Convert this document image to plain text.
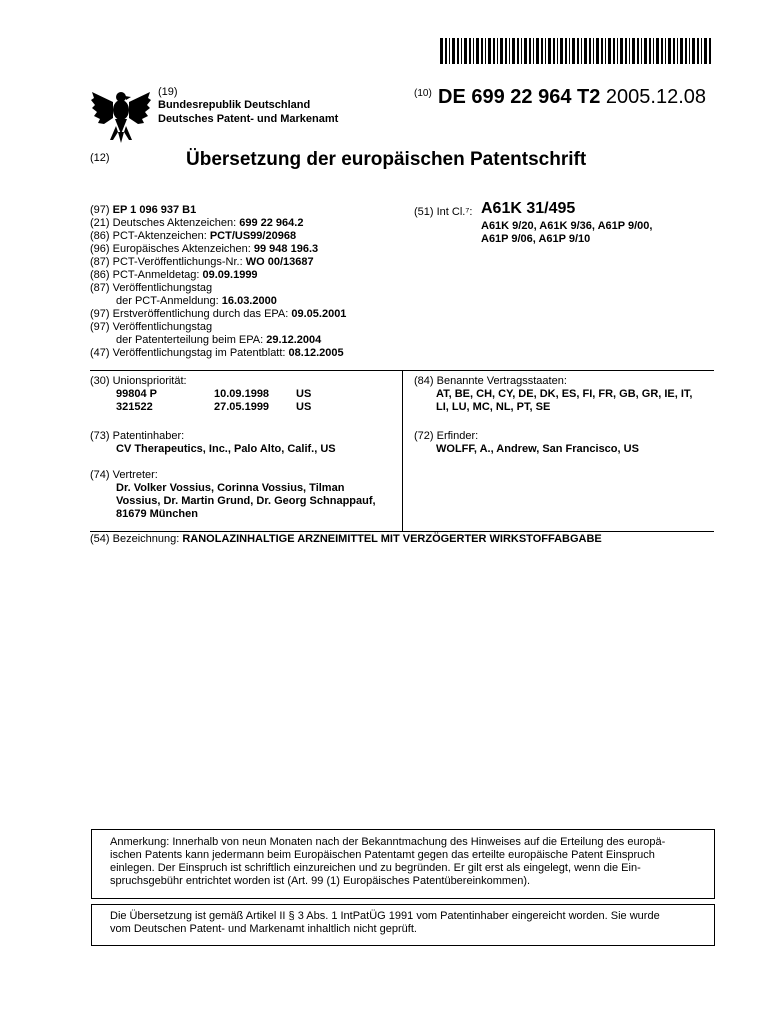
(19)
Bundesrepublik Deutschland
Deutsches Patent- und Markenamt
(10) DE 699 22 964 T2 2005.12.08
(12)	Übersetzung der europäischen Patentschrift
(97) EP 1 096 937 B1
(21) Deutsches Aktenzeichen: 699 22 964.2
(86) PCT-Aktenzeichen: PCT/US99/20968
(96) Europäisches Aktenzeichen: 99 948 196.3
(87) PCT-Veröffentlichungs-Nr.: WO 00/13687
(86) PCT-Anmeldetag: 09.09.1999
(87) Veröffentlichungstag
der PCT-Anmeldung: 16.03.2000
(97) Erstveröffentlichung durch das EPA: 09.05.2001
(97) Veröffentlichungstag
der Patenterteilung beim EPA: 29.12.2004
(47) Veröffentlichungstag im Patentblatt: 08.12.2005
(51) Int Cl.⁷: A61K 31/495
A61K 9/20, A61K 9/36, A61P 9/00,
A61P 9/06, A61P 9/10
(30) Unionspriorität:
99804 P	10.09.1998	US
321522	27.05.1999	US
(73) Patentinhaber:
CV Therapeutics, Inc., Palo Alto, Calif., US
(74) Vertreter:
Dr. Volker Vossius, Corinna Vossius, Tilman
Vossius, Dr. Martin Grund, Dr. Georg Schnappauf,
81679 München
(84) Benannte Vertragsstaaten:
AT, BE, CH, CY, DE, DK, ES, FI, FR, GB, GR, IE, IT,
LI, LU, MC, NL, PT, SE
(72) Erfinder:
WOLFF, A., Andrew, San Francisco, US
(54) Bezeichnung: RANOLAZINHALTIGE ARZNEIMITTEL MIT VERZÖGERTER WIRKSTOFFABGABE
Anmerkung: Innerhalb von neun Monaten nach der Bekanntmachung des Hinweises auf die Erteilung des europä-
ischen Patents kann jedermann beim Europäischen Patentamt gegen das erteilte europäische Patent Einspruch
einlegen. Der Einspruch ist schriftlich einzureichen und zu begründen. Er gilt erst als eingelegt, wenn die Ein-
spruchsgebühr entrichtet worden ist (Art. 99 (1) Europäisches Patentübereinkommen).
Die Übersetzung ist gemäß Artikel II § 3 Abs. 1 IntPatÜG 1991 vom Patentinhaber eingereicht worden. Sie wurde
vom Deutschen Patent- und Markenamt inhaltlich nicht geprüft.
